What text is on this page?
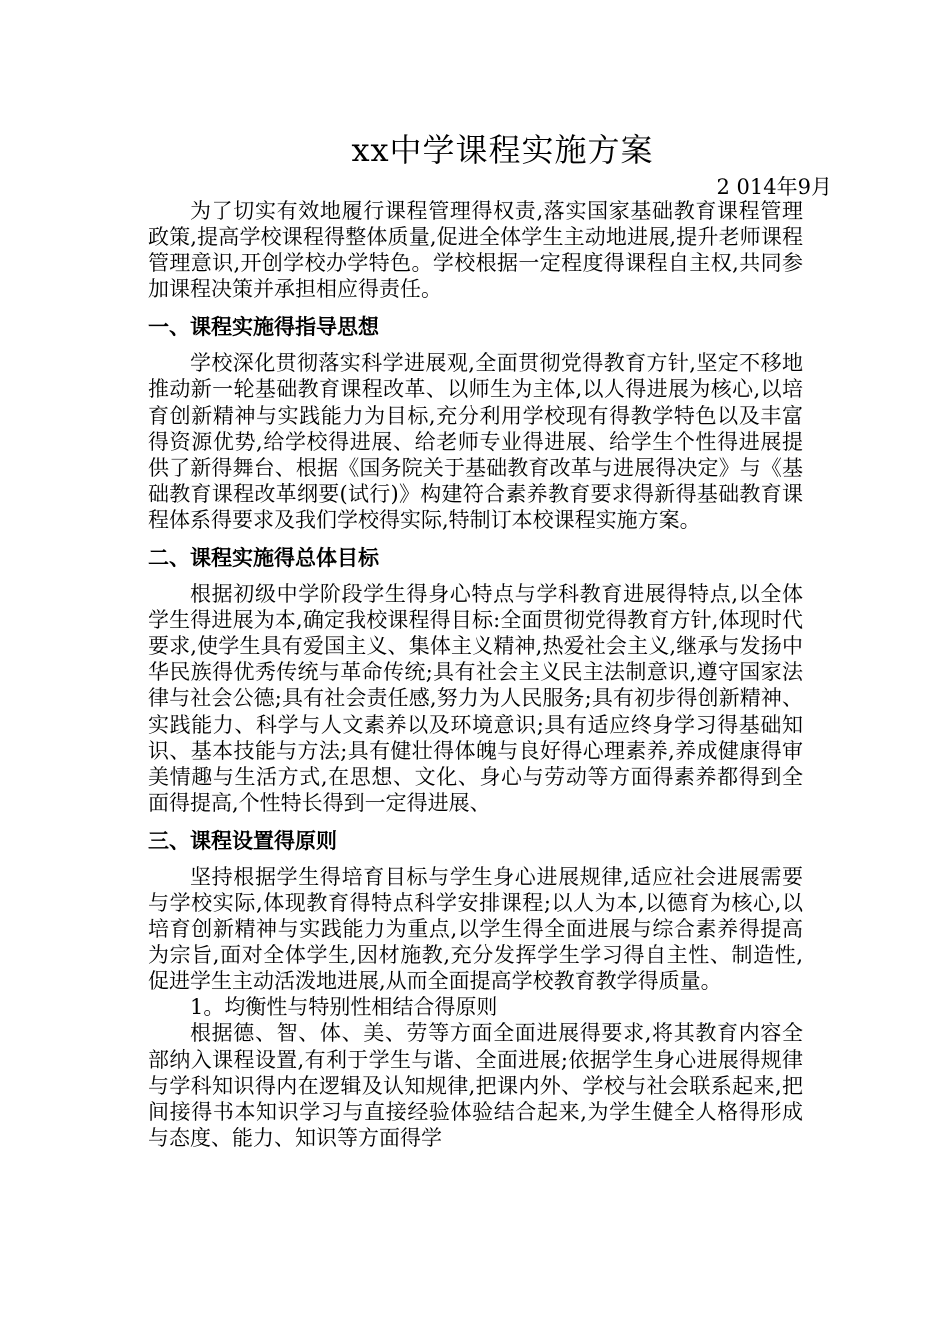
xx中学课程实施方案
2 014年9月

为了切实有效地履行课程管理得权责,落实国家基础教育课程管理政策,提高学校课程得整体质量,促进全体学生主动地进展,提升老师课程管理意识,开创学校办学特色。学校根据一定程度得课程自主权,共同参加课程决策并承担相应得责任。

一、课程实施得指导思想

学校深化贯彻落实科学进展观,全面贯彻党得教育方针,坚定不移地推动新一轮基础教育课程改革、以师生为主体,以人得进展为核心,以培育创新精神与实践能力为目标,充分利用学校现有得教学特色以及丰富得资源优势,给学校得进展、给老师专业得进展、给学生个性得进展提供了新得舞台、根据《国务院关于基础教育改革与进展得决定》与《基础教育课程改革纲要(试行)》构建符合素养教育要求得新得基础教育课程体系得要求及我们学校得实际,特制订本校课程实施方案。

二、课程实施得总体目标

根据初级中学阶段学生得身心特点与学科教育进展得特点,以全体学生得进展为本,确定我校课程得目标:全面贯彻党得教育方针,体现时代要求,使学生具有爱国主义、集体主义精神,热爱社会主义,继承与发扬中华民族得优秀传统与革命传统;具有社会主义民主法制意识,遵守国家法律与社会公德;具有社会责任感,努力为人民服务;具有初步得创新精神、实践能力、科学与人文素养以及环境意识;具有适应终身学习得基础知识、基本技能与方法;具有健壮得体魄与良好得心理素养,养成健康得审美情趣与生活方式,在思想、文化、身心与劳动等方面得素养都得到全面得提高,个性特长得到一定得进展、

三、课程设置得原则

坚持根据学生得培育目标与学生身心进展规律,适应社会进展需要与学校实际,体现教育得特点科学安排课程;以人为本,以德育为核心,以培育创新精神与实践能力为重点,以学生得全面进展与综合素养得提高为宗旨,面对全体学生,因材施教,充分发挥学生学习得自主性、制造性,促进学生主动活泼地进展,从而全面提高学校教育教学得质量。

1。均衡性与特别性相结合得原则

根据德、智、体、美、劳等方面全面进展得要求,将其教育内容全部纳入课程设置,有利于学生与谐、全面进展;依据学生身心进展得规律与学科知识得内在逻辑及认知规律,把课内外、学校与社会联系起来,把间接得书本知识学习与直接经验体验结合起来,为学生健全人格得形成与态度、能力、知识等方面得学
